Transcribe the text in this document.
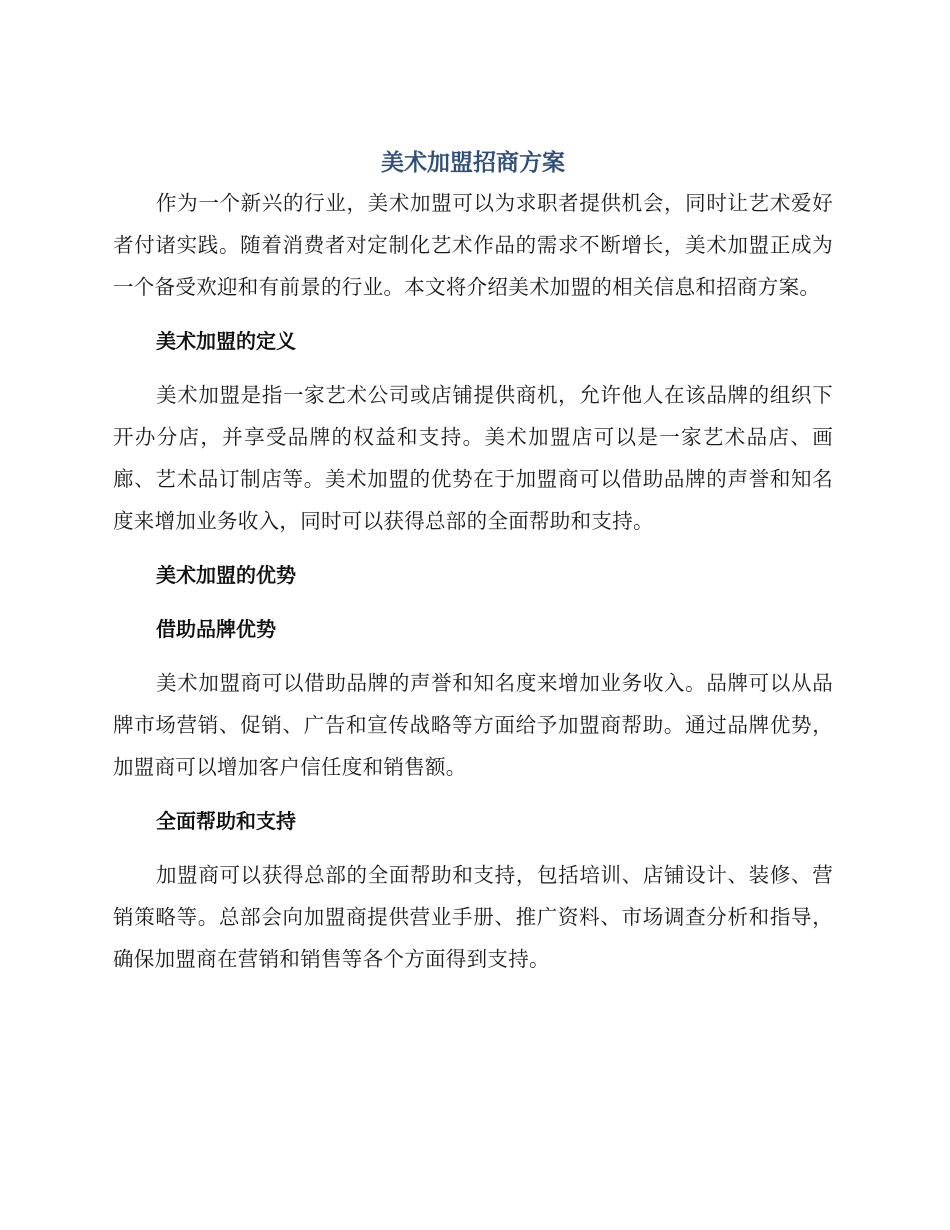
美术加盟招商方案

作为一个新兴的行业，美术加盟可以为求职者提供机会，同时让艺术爱好者付诸实践。随着消费者对定制化艺术作品的需求不断增长，美术加盟正成为一个备受欢迎和有前景的行业。本文将介绍美术加盟的相关信息和招商方案。

美术加盟的定义

美术加盟是指一家艺术公司或店铺提供商机，允许他人在该品牌的组织下开办分店，并享受品牌的权益和支持。美术加盟店可以是一家艺术品店、画廊、艺术品订制店等。美术加盟的优势在于加盟商可以借助品牌的声誉和知名度来增加业务收入，同时可以获得总部的全面帮助和支持。

美术加盟的优势
借助品牌优势

美术加盟商可以借助品牌的声誉和知名度来增加业务收入。品牌可以从品牌市场营销、促销、广告和宣传战略等方面给予加盟商帮助。通过品牌优势，加盟商可以增加客户信任度和销售额。

全面帮助和支持

加盟商可以获得总部的全面帮助和支持，包括培训、店铺设计、装修、营销策略等。总部会向加盟商提供营业手册、推广资料、市场调查分析和指导，确保加盟商在营销和销售等各个方面得到支持。
